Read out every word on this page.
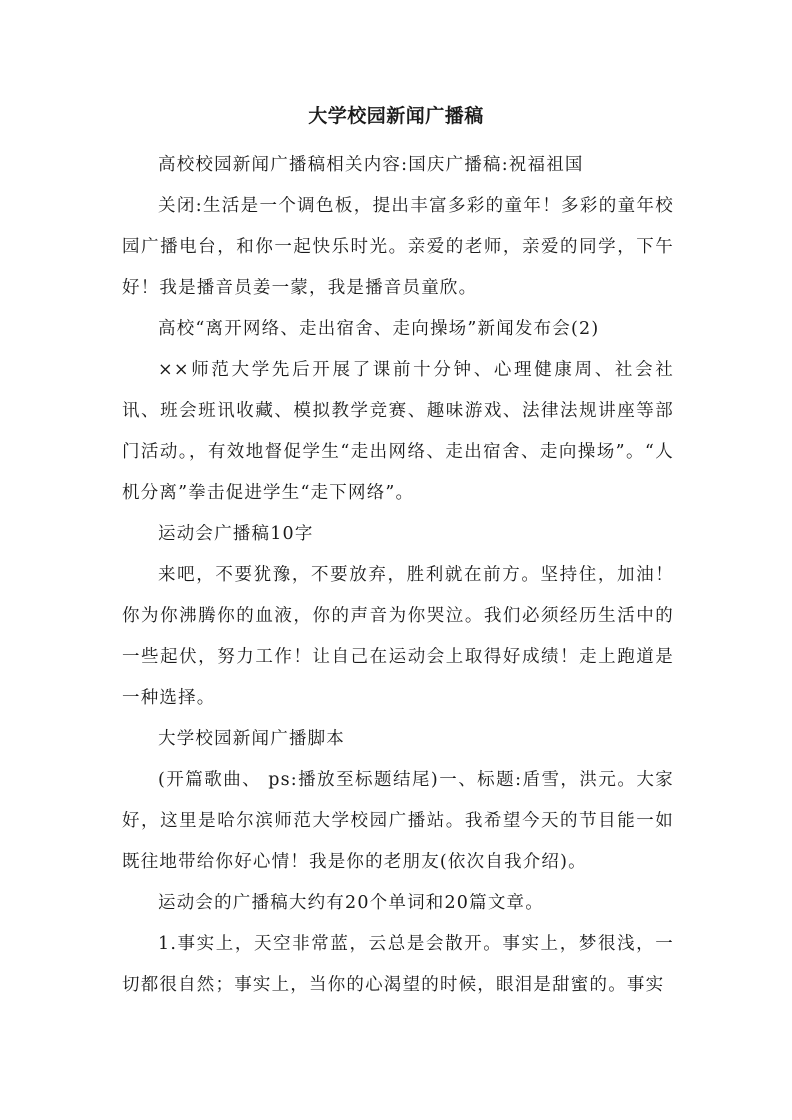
大学校园新闻广播稿

高校校园新闻广播稿相关内容:国庆广播稿:祝福祖国

关闭:生活是一个调色板，提出丰富多彩的童年！多彩的童年校园广播电台，和你一起快乐时光。亲爱的老师，亲爱的同学，下午好！我是播音员姜一蒙，我是播音员童欣。

高校“离开网络、走出宿舍、走向操场”新闻发布会(2)

××师范大学先后开展了课前十分钟、心理健康周、社会社讯、班会班讯收藏、模拟教学竞赛、趣味游戏、法律法规讲座等部门活动。，有效地督促学生“走出网络、走出宿舍、走向操场”。“人机分离”拳击促进学生“走下网络”。

运动会广播稿10字

来吧，不要犹豫，不要放弃，胜利就在前方。坚持住，加油！你为你沸腾你的血液，你的声音为你哭泣。我们必须经历生活中的一些起伏，努力工作！让自己在运动会上取得好成绩！走上跑道是一种选择。

大学校园新闻广播脚本

(开篇歌曲、 ps:播放至标题结尾)一、标题:盾雪，洪元。大家好，这里是哈尔滨师范大学校园广播站。我希望今天的节目能一如既往地带给你好心情！我是你的老朋友(依次自我介绍)。

运动会的广播稿大约有20个单词和20篇文章。

1.事实上，天空非常蓝，云总是会散开。事实上，梦很浅，一切都很自然；事实上，当你的心渴望的时候，眼泪是甜蜜的。事实
